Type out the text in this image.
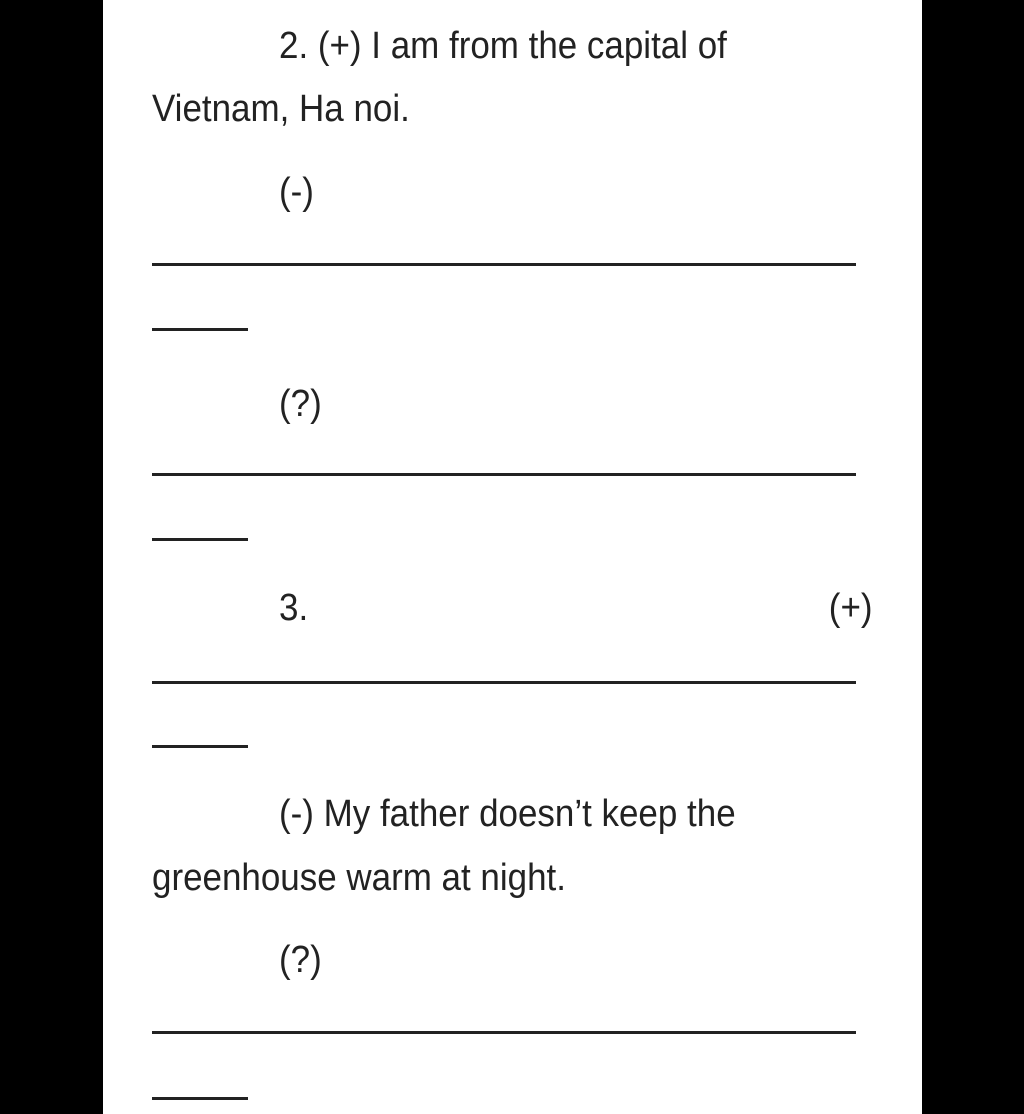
2. (+) I am from the capital of
Vietnam, Ha noi.
(-)
(?)
3.	(+)
(-) My father doesn’t keep the
greenhouse warm at night.
(?)
